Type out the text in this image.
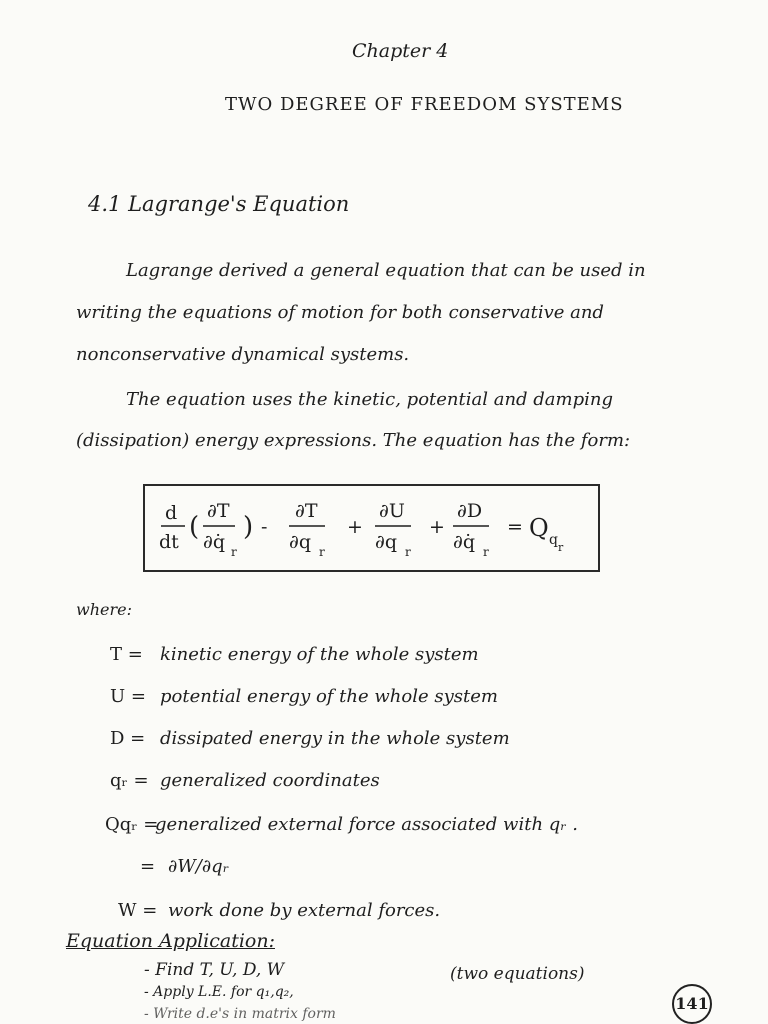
Chapter 4
TWO DEGREE OF FREEDOM SYSTEMS
4.1 Lagrange's Equation
Lagrange derived a general equation that can be used in
writing the equations of motion for both conservative and
nonconservative dynamical systems.
The equation uses the kinetic, potential and damping
(dissipation) energy expressions. The equation has the form:
d
dt (
∂T
∂q̇ r
) -
∂T
∂q r
+
∂U
∂q r
+
∂D
∂q̇ r
= Q q r
where:
T = kinetic energy of the whole system
U = potential energy of the whole system
D = dissipated energy in the whole system
qᵣ = generalized coordinates
Qqᵣ =generalized external force associated with qᵣ .
= ∂W/∂qᵣ
W = work done by external forces.
Equation Application:
- Find T, U, D, W
- Apply L.E. for q₁,q₂,
- Write d.e's in matrix form
(two equations)
141
